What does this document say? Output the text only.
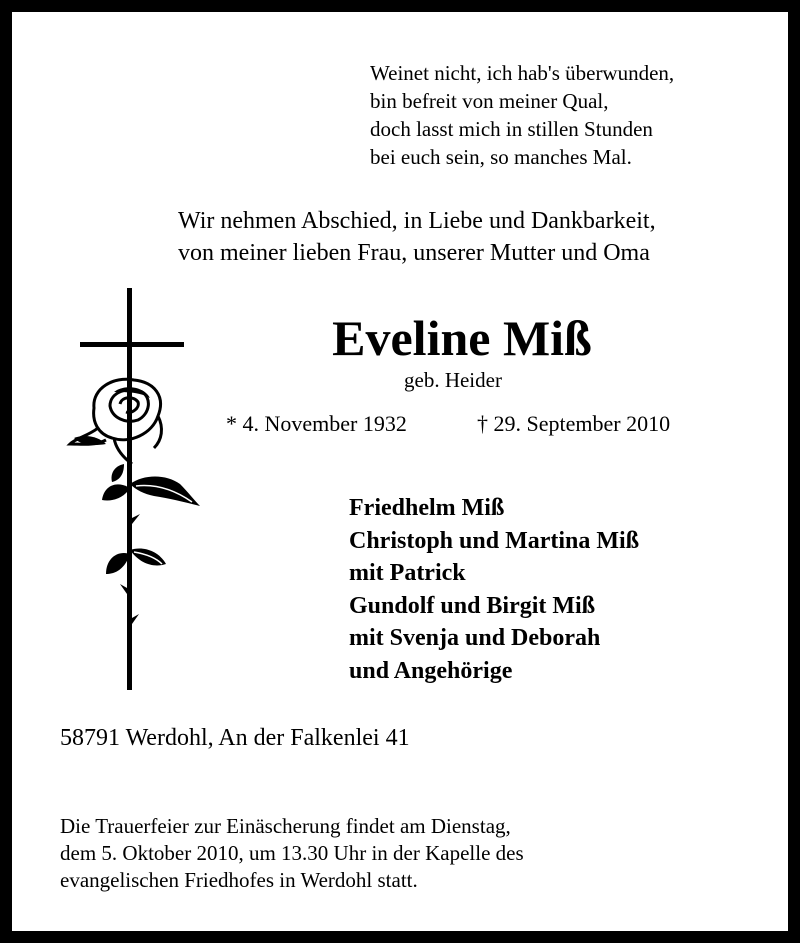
Weinet nicht, ich hab's überwunden,
bin befreit von meiner Qual,
doch lasst mich in stillen Stunden
bei euch sein, so manches Mal.
Wir nehmen Abschied, in Liebe und Dankbarkeit,
von meiner lieben Frau, unserer Mutter und Oma
Eveline Miß
geb. Heider
* 4. November 1932	† 29. September 2010
Friedhelm Miß
Christoph und Martina Miß
mit Patrick
Gundolf und Birgit Miß
mit Svenja und Deborah
und Angehörige
58791 Werdohl, An der Falkenlei 41
Die Trauerfeier zur Einäscherung findet am Dienstag,
dem 5. Oktober 2010, um 13.30 Uhr in der Kapelle des
evangelischen Friedhofes in Werdohl statt.
